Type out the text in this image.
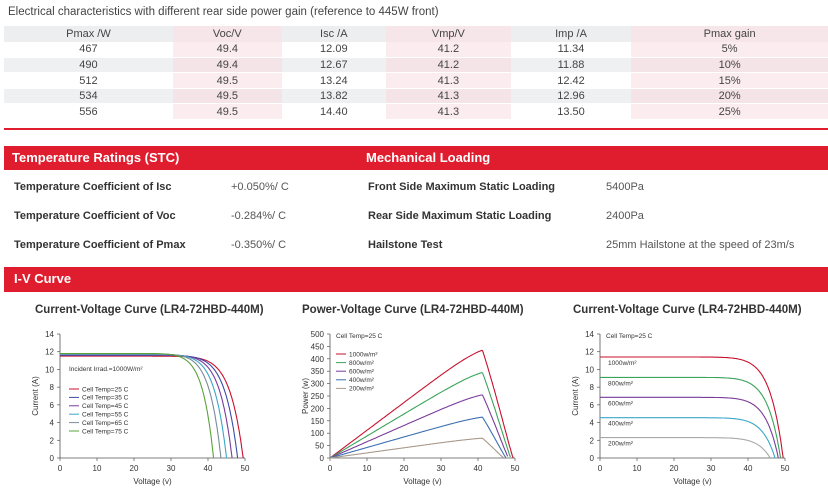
Electrical characteristics with different rear side power gain (reference to 445W front)
Pmax /W	Voc/V	Isc /A	Vmp/V	Imp /A	Pmax gain
467	49.4	12.09	41.2	11.34	5%
490	49.4	12.67	41.2	11.88	10%
512	49.5	13.24	41.3	12.42	15%
534	49.5	13.82	41.3	12.96	20%
556	49.5	14.40	41.3	13.50	25%
Temperature Ratings (STC)	Mechanical Loading
Temperature Coefficient of Isc	+0.050%/ C
Temperature Coefficient of Voc	-0.284%/ C
Temperature Coefficient of Pmax	-0.350%/ C
Front Side Maximum Static Loading	5400Pa
Rear Side Maximum Static Loading	2400Pa
Hailstone Test	25mm Hailstone at the speed of 23m/s
I-V Curve
Current-Voltage Curve (LR4-72HBD-440M)	Power-Voltage Curve (LR4-72HBD-440M)	Current-Voltage Curve (LR4-72HBD-440M)
0
2
4
6
8
10
12
14
0	10	20	30	40	50
Voltage (v)
Current (A)
Incident Irrad.=1000W/m²
Cell Temp=25 C
Cell Temp=35 C
Cell Temp=45 C
Cell Temp=55 C
Cell Temp=65 C
Cell Temp=75 C
0
50
100
150
200
250
300
350
400
450
500
0	10	20	30	40	50
Voltage (v)
Power (w)
Cell Temp=25 C
1000w/m²
800w/m²
600w/m²
400w/m²
200w/m²
0
2
4
6
8
10
12
14
0	10	20	30	40	50
Voltage (v)
Current (A)
Cell Temp=25 C
1000w/m²
800w/m²
600w/m²
400w/m²
200w/m²
